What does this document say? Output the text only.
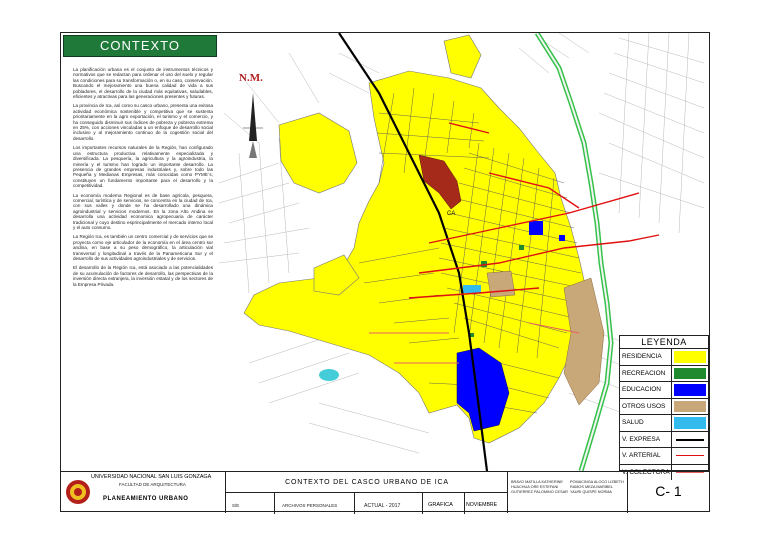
CONTEXTO

La planificación urbana es el conjunto de instrumentos técnicos y normativos que se redactan para ordenar el uso del suelo y regular las condiciones para su transformación o, en su caso, conservación. Buscando el mejoramiento una buena calidad de vida a sus pobladores, el desarrollo de la ciudad más equitativas, saludables, eficientes y atractivas para las generaciones presentes y futuras.

La provincia de Ica, así como su casco urbano, presenta una exitosa actividad económica sostenible y competitiva que se sustenta prioritariamente en la agro exportación, el turismo y el comercio, y ha conseguido disminuir sus índices de pobreza y pobreza extrema en 25%, con acciones vinculadas a un enfoque de desarrollo social inclusivo y al mejoramiento continuo de la cogestión social del desarrollo.

Los importantes recursos naturales de la Región, han configurado una estructura productiva relativamente especializada y diversificada. La pesquería, la agricultura y la agroindustria, la minería y el turismo han logrado un importante desarrollo. La presencia de grandes empresas industriales y, sobre todo las Pequeña y Medianas Empresas, más conocidas como PYME´s, constituyen un fundamento importante para el desarrollo y la competitividad.

La economía moderna Regional es de base agrícola, pesquera, comercial, turística y de servicios, se concentra en la ciudad de Ica, con sus valles y donde se ha desarrollado una dinámica agroindustrial y servicios modernos. En la zona Alto Andina se desarrolla una actividad economica agropecuaria de carácter tradicional y cuyo destino esprincipalmente el mercado interno local y el auto consumo.

La Región Ica, es también un centro comercial y de servicios que se proyecta como eje articulador de la economía en el área centro sur andina, en base a su peso demográfico, la articulación vial transversal y longitudinal a través de la Panamericana Sur y el desarrollo de sus actividades agroindustriales y de servicios.

El desarrollo de la Región Ica, está asociado a las potencialidades de su acumulación de factores de desarrollo, las perspectivas de la inversión directa extranjera, la inversión estatal y de los sectores de la Empresa Privada.

N.M.
CA
LEYENDA
RESIDENCIA
RECREACION
EDUCACION
OTROS USOS
SALUD
V. EXPRESA
V. ARTERIAL
V. COLECTORA
UNIVERSIDAD NACIONAL SAN LUIS GONZAGA
FACULTAD DE ARQUITECTURA
PLANEAMIENTO URBANO
CONTEXTO DEL CASCO URBANO DE ICA
S/E	ARCHIVOS PERSONALES	ACTUAL - 2017	GRAFICA	NOVIEMBRE
BRAVO MATILLA KATHERINE
HUACHUA ORE ESTEFANI
GUTIERREZ PALOMINO CESAR
POMACINGA ALOCO LIZBETH
RAMOS MEZA MARIBEL
YAURI QUISPE NORMA	C- 1
